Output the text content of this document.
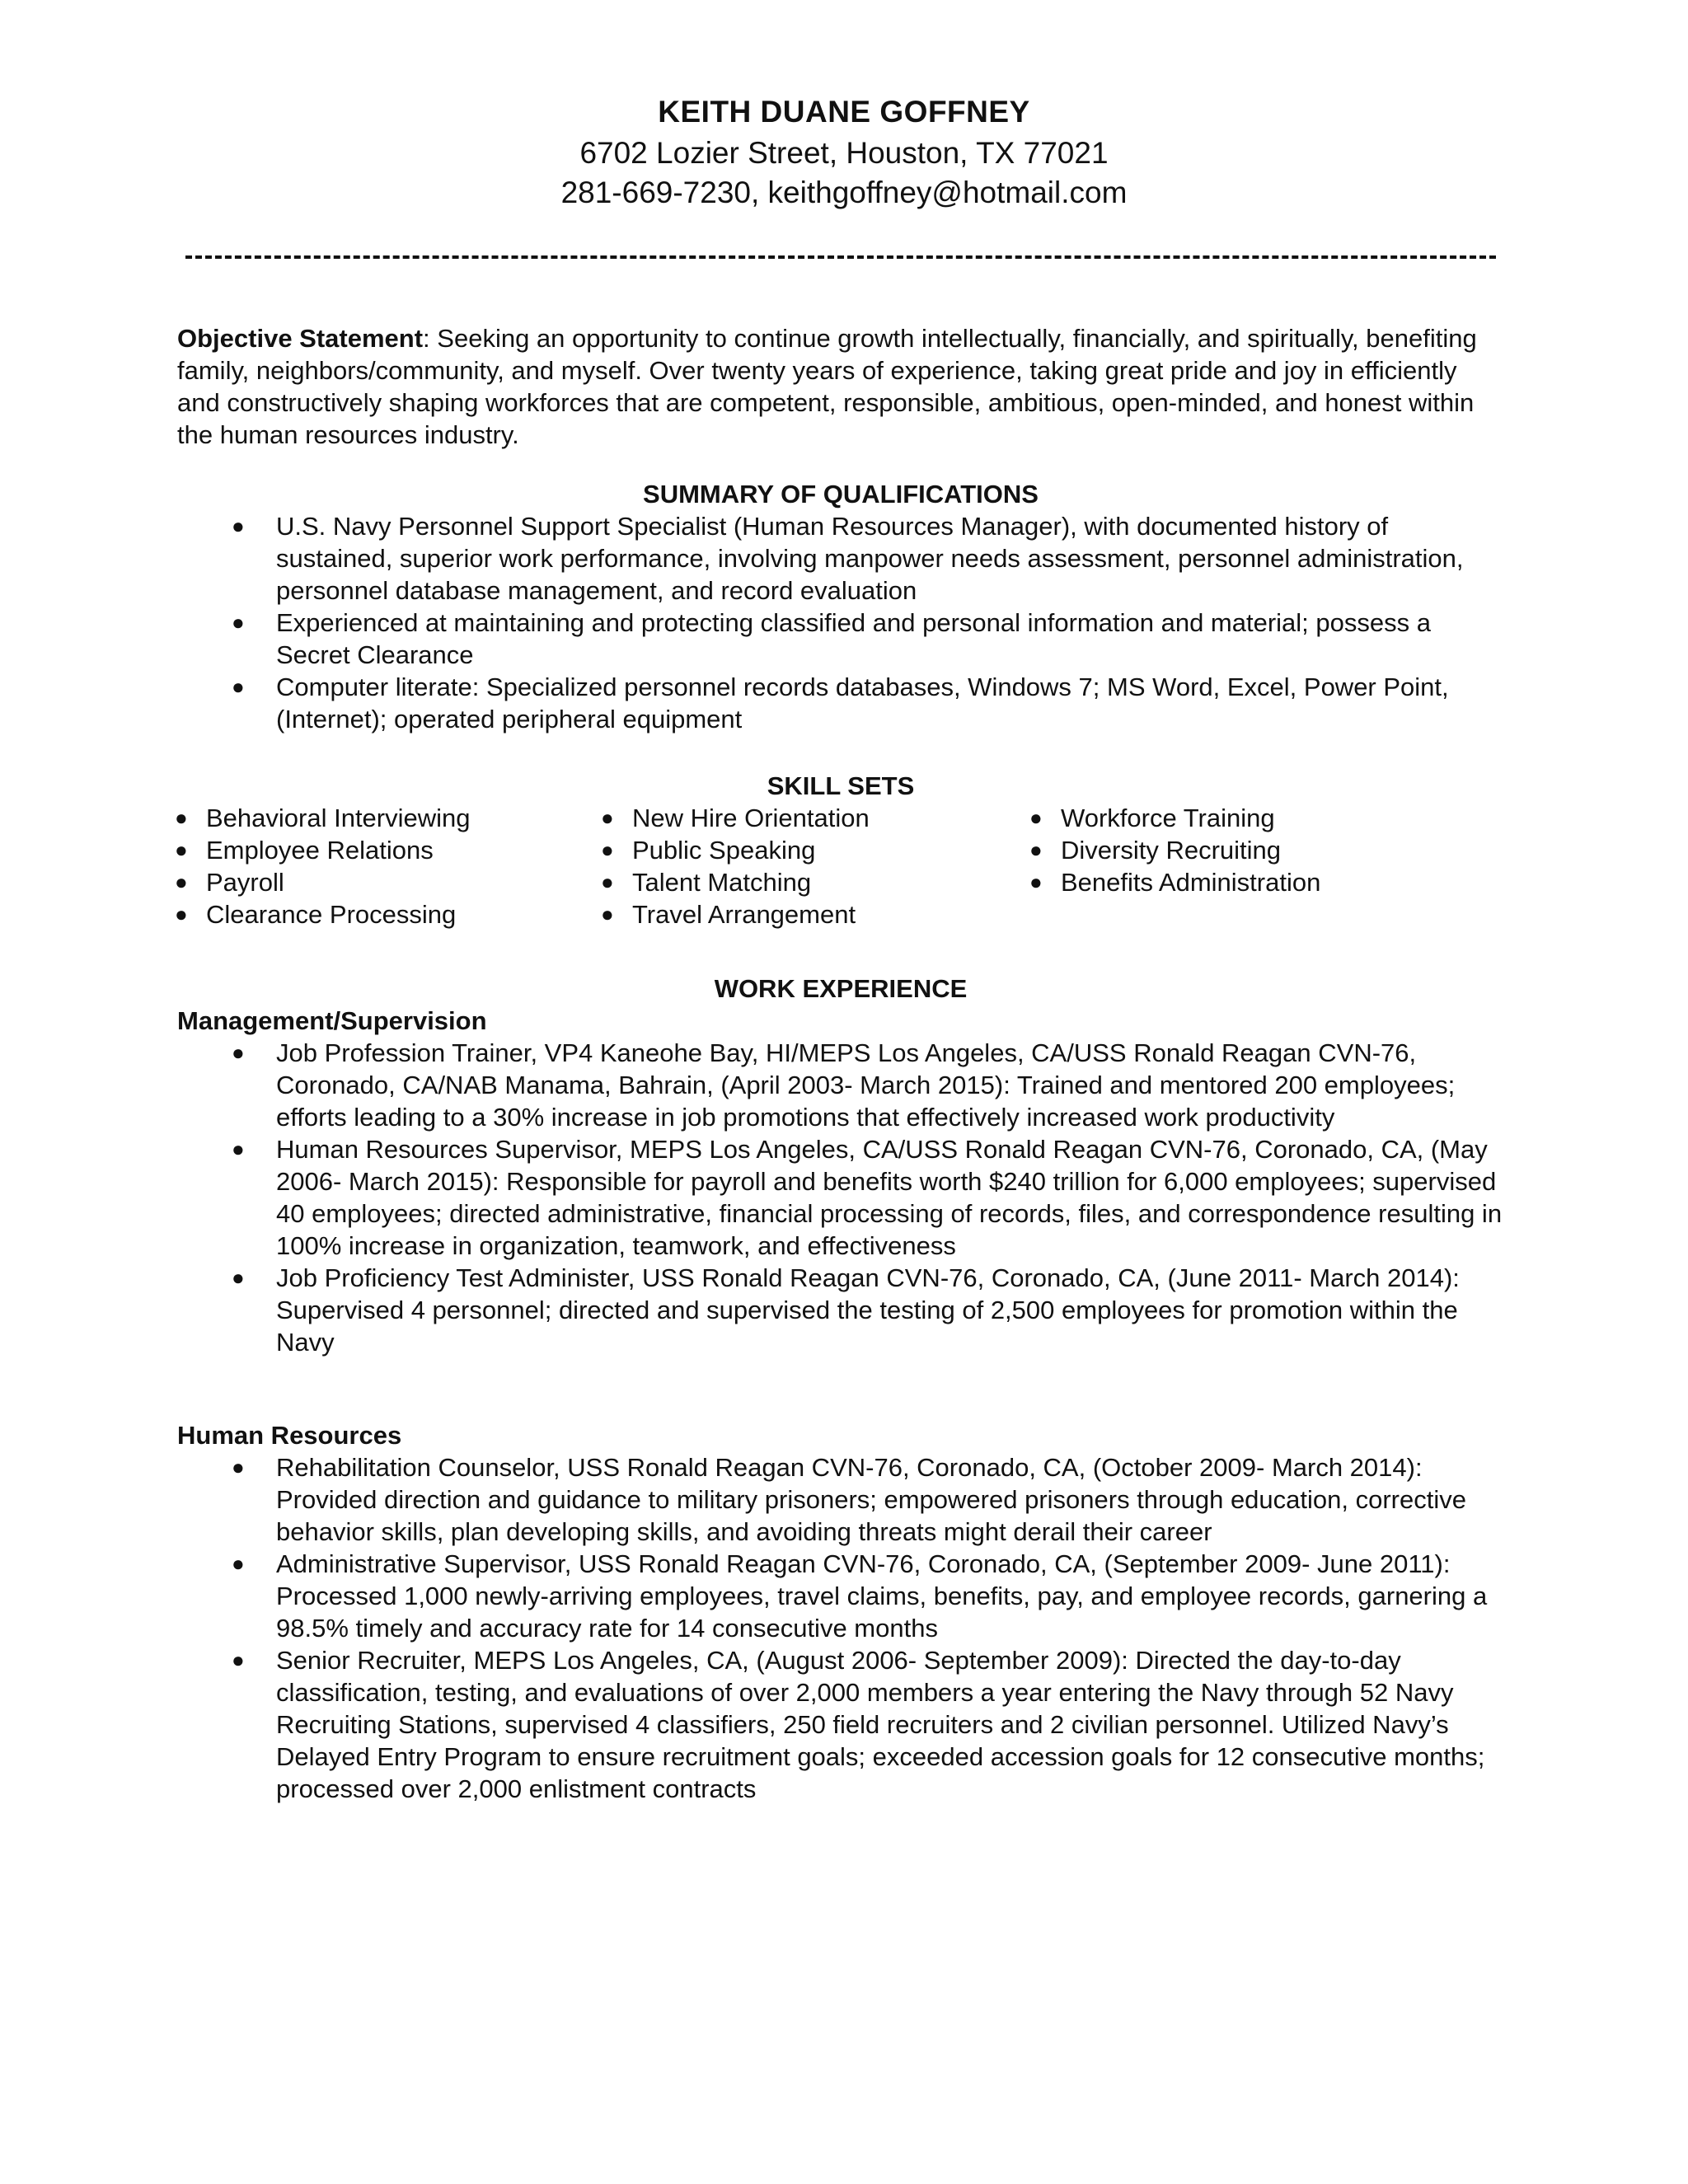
KEITH DUANE GOFFNEY

6702 Lozier Street, Houston, TX 77021

281-669-7230, keithgoffney@hotmail.com

Objective Statement: Seeking an opportunity to continue growth intellectually, financially, and spiritually, benefiting family, neighbors/community, and myself. Over twenty years of experience, taking great pride and joy in efficiently and constructively shaping workforces that are competent, responsible, ambitious, open-minded, and honest within the human resources industry.

SUMMARY OF QUALIFICATIONS
● U.S. Navy Personnel Support Specialist (Human Resources Manager), with documented history of sustained, superior work performance, involving manpower needs assessment, personnel administration, personnel database management, and record evaluation
● Experienced at maintaining and protecting classified and personal information and material; possess a Secret Clearance
● Computer literate: Specialized personnel records databases, Windows 7; MS Word, Excel, Power Point, (Internet); operated peripheral equipment
SKILL SETS
● Behavioral Interviewing
● Employee Relations
● Payroll
● Clearance Processing
● New Hire Orientation
● Public Speaking
● Talent Matching
● Travel Arrangement
● Workforce Training
● Diversity Recruiting
● Benefits Administration
WORK EXPERIENCE
Management/Supervision
● Job Profession Trainer, VP4 Kaneohe Bay, HI/MEPS Los Angeles, CA/USS Ronald Reagan CVN-76, Coronado, CA/NAB Manama, Bahrain, (April 2003- March 2015): Trained and mentored 200 employees; efforts leading to a 30% increase in job promotions that effectively increased work productivity
● Human Resources Supervisor, MEPS Los Angeles, CA/USS Ronald Reagan CVN-76, Coronado, CA, (May 2006- March 2015): Responsible for payroll and benefits worth $240 trillion for 6,000 employees; supervised 40 employees; directed administrative, financial processing of records, files, and correspondence resulting in 100% increase in organization, teamwork, and effectiveness
● Job Proficiency Test Administer, USS Ronald Reagan CVN-76, Coronado, CA, (June 2011- March 2014): Supervised 4 personnel; directed and supervised the testing of 2,500 employees for promotion within the Navy
Human Resources
● Rehabilitation Counselor, USS Ronald Reagan CVN-76, Coronado, CA, (October 2009- March 2014): Provided direction and guidance to military prisoners; empowered prisoners through education, corrective behavior skills, plan developing skills, and avoiding threats might derail their career
● Administrative Supervisor, USS Ronald Reagan CVN-76, Coronado, CA, (September 2009- June 2011): Processed 1,000 newly-arriving employees, travel claims, benefits, pay, and employee records, garnering a 98.5% timely and accuracy rate for 14 consecutive months
● Senior Recruiter, MEPS Los Angeles, CA, (August 2006- September 2009): Directed the day-to-day classification, testing, and evaluations of over 2,000 members a year entering the Navy through 52 Navy Recruiting Stations, supervised 4 classifiers, 250 field recruiters and 2 civilian personnel. Utilized Navy’s Delayed Entry Program to ensure recruitment goals; exceeded accession goals for 12 consecutive months; processed over 2,000 enlistment contracts
